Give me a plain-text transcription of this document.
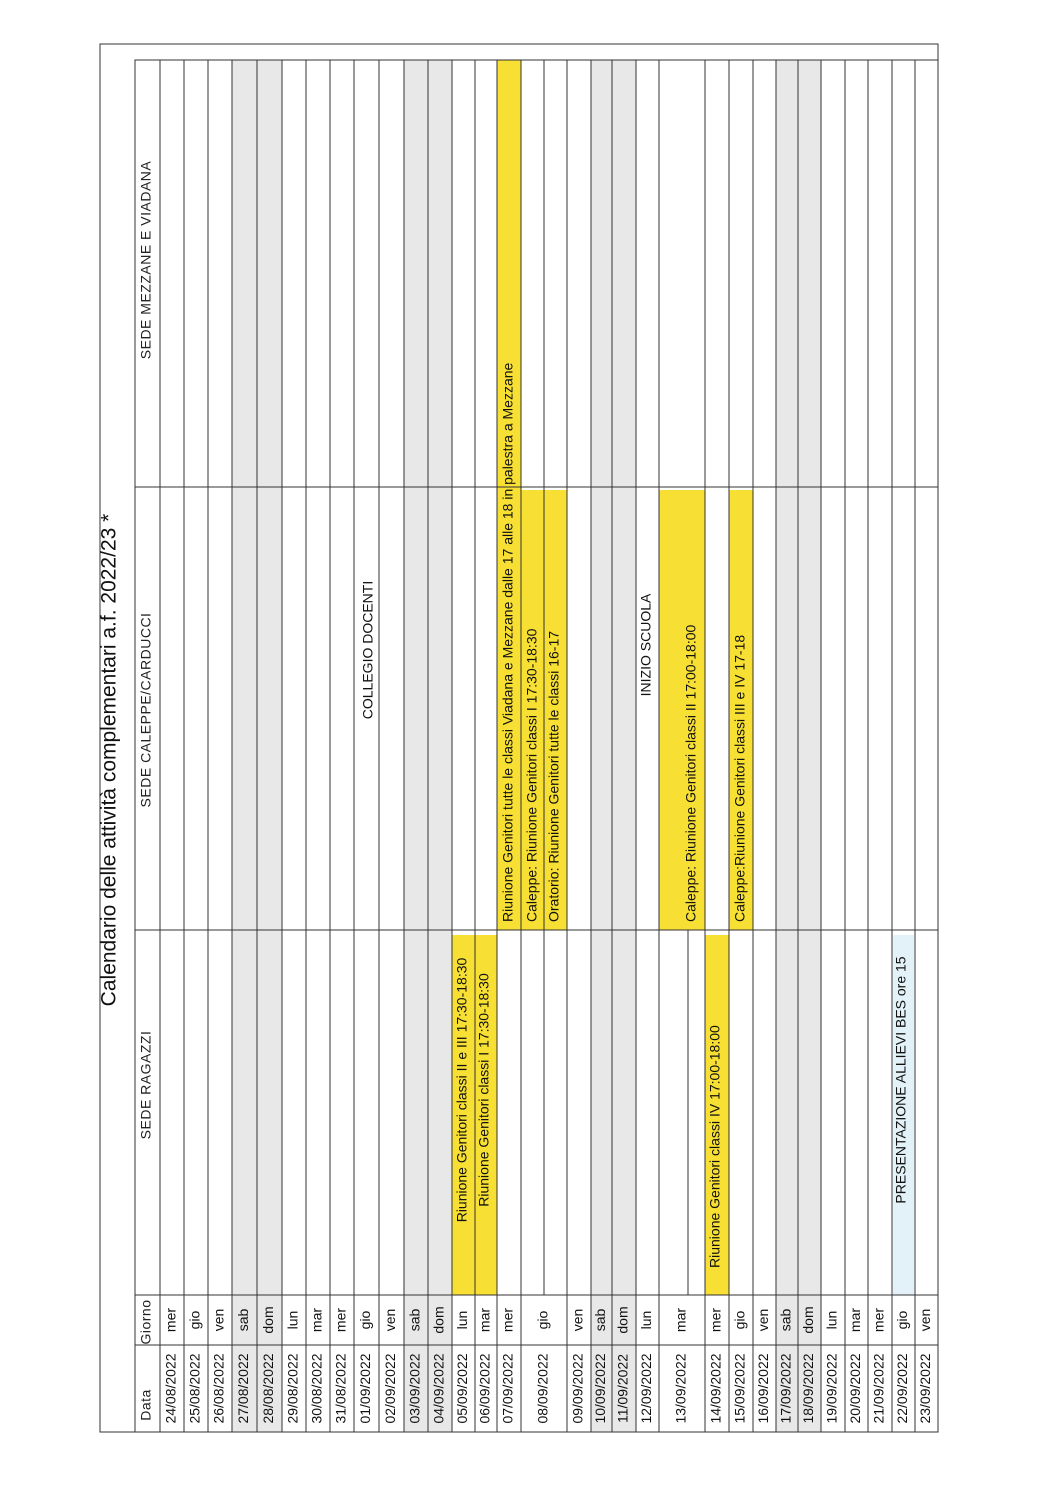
Calendario delle attività complementari a.f. 2022/23 *
Data
Giorno
SEDE RAGAZZI
SEDE CALEPPE/CARDUCCI
SEDE MEZZANE E VIADANA
24/08/2022
mer
25/08/2022
gio
26/08/2022
ven
27/08/2022
sab
28/08/2022
dom
29/08/2022
lun
30/08/2022
mar
31/08/2022
mer
01/09/2022
gio
02/09/2022
ven
03/09/2022
sab
04/09/2022
dom
05/09/2022
lun
06/09/2022
mar
07/09/2022
mer
08/09/2022
gio
09/09/2022
ven
10/09/2022
sab
11/09/2022
dom
12/09/2022
lun
13/09/2022
mar
14/09/2022
mer
15/09/2022
gio
16/09/2022
ven
17/09/2022
sab
18/09/2022
dom
19/09/2022
lun
20/09/2022
mar
21/09/2022
mer
22/09/2022
gio
23/09/2022
ven
Riunione Genitori classi II e III 17:30-18:30 Riunione Genitori classi I 17:30-18:30
Riunione Genitori tutte le classi Viadana e Mezzane dalle 17 alle 18 in palestra a Mezzane Caleppe: Riunione Genitori classi I 17:30-18:30 Oratorio: Riunione Genitori tutte le classi 16-17
COLLEGIO DOCENTI	INIZIO SCUOLA Caleppe: Riunione Genitori classi II 17:00-18:00
Riunione Genitori classi IV 17:00-18:00
Caleppe:Riunione Genitori classi III e IV 17-18
PRESENTAZIONE ALLIEVI BES ore 15
